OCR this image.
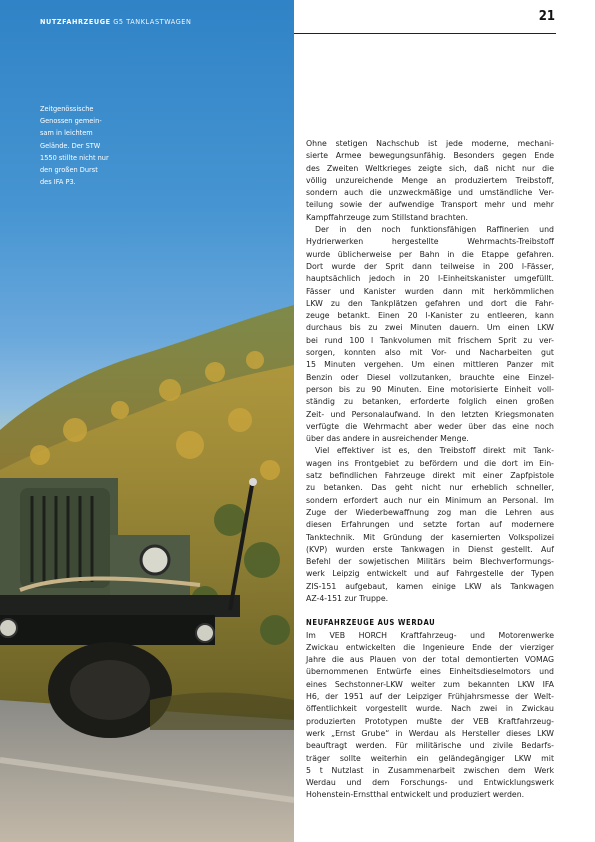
NUTZFAHRZEUGE G5 TANKLASTWAGEN
Zeitgenössische
Genossen gemein-
sam in leichtem
Gelände. Der STW
1550 stillte nicht nur
den großen Durst
des IFA P3.
21

Ohne stetigen Nachschub ist jede moderne, mechani-
sierte Armee bewegungsunfähig. Besonders gegen Ende
des Zweiten Weltkrieges zeigte sich, daß nicht nur die
völlig unzureichende Menge an produziertem Treibstoff,
sondern auch die unzweckmäßige und umständliche Ver-
teilung sowie der aufwendige Transport mehr und mehr
Kampffahrzeuge zum Stillstand brachten.

Der in den noch funktionsfähigen Raffinerien und
Hydrierwerken hergestellte Wehrmachts-Treibstoff
wurde üblicherweise per Bahn in die Etappe gefahren.
Dort wurde der Sprit dann teilweise in 200 l-Fässer,
hauptsächlich jedoch in 20 l-Einheitskanister umgefüllt.
Fässer und Kanister wurden dann mit herkömmlichen
LKW zu den Tankplätzen gefahren und dort die Fahr-
zeuge betankt. Einen 20 l-Kanister zu entleeren, kann
durchaus bis zu zwei Minuten dauern. Um einen LKW
bei rund 100 l Tankvolumen mit frischem Sprit zu ver-
sorgen, konnten also mit Vor- und Nacharbeiten gut
15 Minuten vergehen. Um einen mittleren Panzer mit
Benzin oder Diesel vollzutanken, brauchte eine Einzel-
person bis zu 90 Minuten. Eine motorisierte Einheit voll-
ständig zu betanken, erforderte folglich einen großen
Zeit- und Personalaufwand. In den letzten Kriegsmonaten
verfügte die Wehrmacht aber weder über das eine noch
über das andere in ausreichender Menge.

Viel effektiver ist es, den Treibstoff direkt mit Tank-
wagen ins Frontgebiet zu befördern und die dort im Ein-
satz befindlichen Fahrzeuge direkt mit einer Zapfpistole
zu betanken. Das geht nicht nur erheblich schneller,
sondern erfordert auch nur ein Minimum an Personal. Im
Zuge der Wiederbewaffnung zog man die Lehren aus
diesen Erfahrungen und setzte fortan auf modernere
Tanktechnik. Mit Gründung der kasernierten Volkspolizei
(KVP) wurden erste Tankwagen in Dienst gestellt. Auf
Befehl der sowjetischen Militärs beim Blechverformungs-
werk Leipzig entwickelt und auf Fahrgestelle der Typen
ZIS-151 aufgebaut, kamen einige LKW als Tankwagen
AZ-4-151 zur Truppe.

NEUFAHRZEUGE AUS WERDAU

Im VEB HORCH Kraftfahrzeug- und Motorenwerke
Zwickau entwickelten die Ingenieure Ende der vierziger
Jahre die aus Plauen von der total demontierten VOMAG
übernommenen Entwürfe eines Einheitsdieselmotors und
eines Sechstonner-LKW weiter zum bekannten LKW IFA
H6, der 1951 auf der Leipziger Frühjahrsmesse der Welt-
öffentlichkeit vorgestellt wurde. Nach zwei in Zwickau
produzierten Prototypen mußte der VEB Kraftfahrzeug-
werk „Ernst Grube“ in Werdau als Hersteller dieses LKW
beauftragt werden. Für militärische und zivile Bedarfs-
träger sollte weiterhin ein geländegängiger LKW mit
5 t Nutzlast in Zusammenarbeit zwischen dem Werk
Werdau und dem Forschungs- und Entwicklungswerk
Hohenstein-Ernstthal entwickelt und produziert werden.
